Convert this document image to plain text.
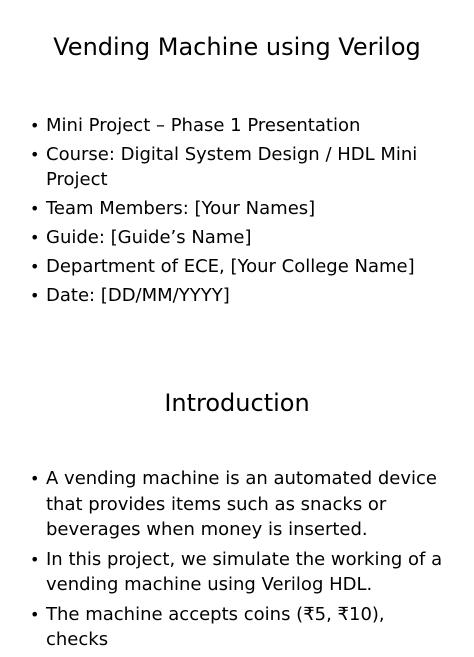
Vending Machine using Verilog
• Mini Project – Phase 1 Presentation
• Course: Digital System Design / HDL Mini Project
• Team Members: [Your Names]
• Guide: [Guide’s Name]
• Department of ECE, [Your College Name]
• Date: [DD/MM/YYYY]
Introduction
• A vending machine is an automated device that provides items such as snacks or beverages when money is inserted.
• In this project, we simulate the working of a vending machine using Verilog HDL.
• The machine accepts coins (₹5, ₹10), checks
